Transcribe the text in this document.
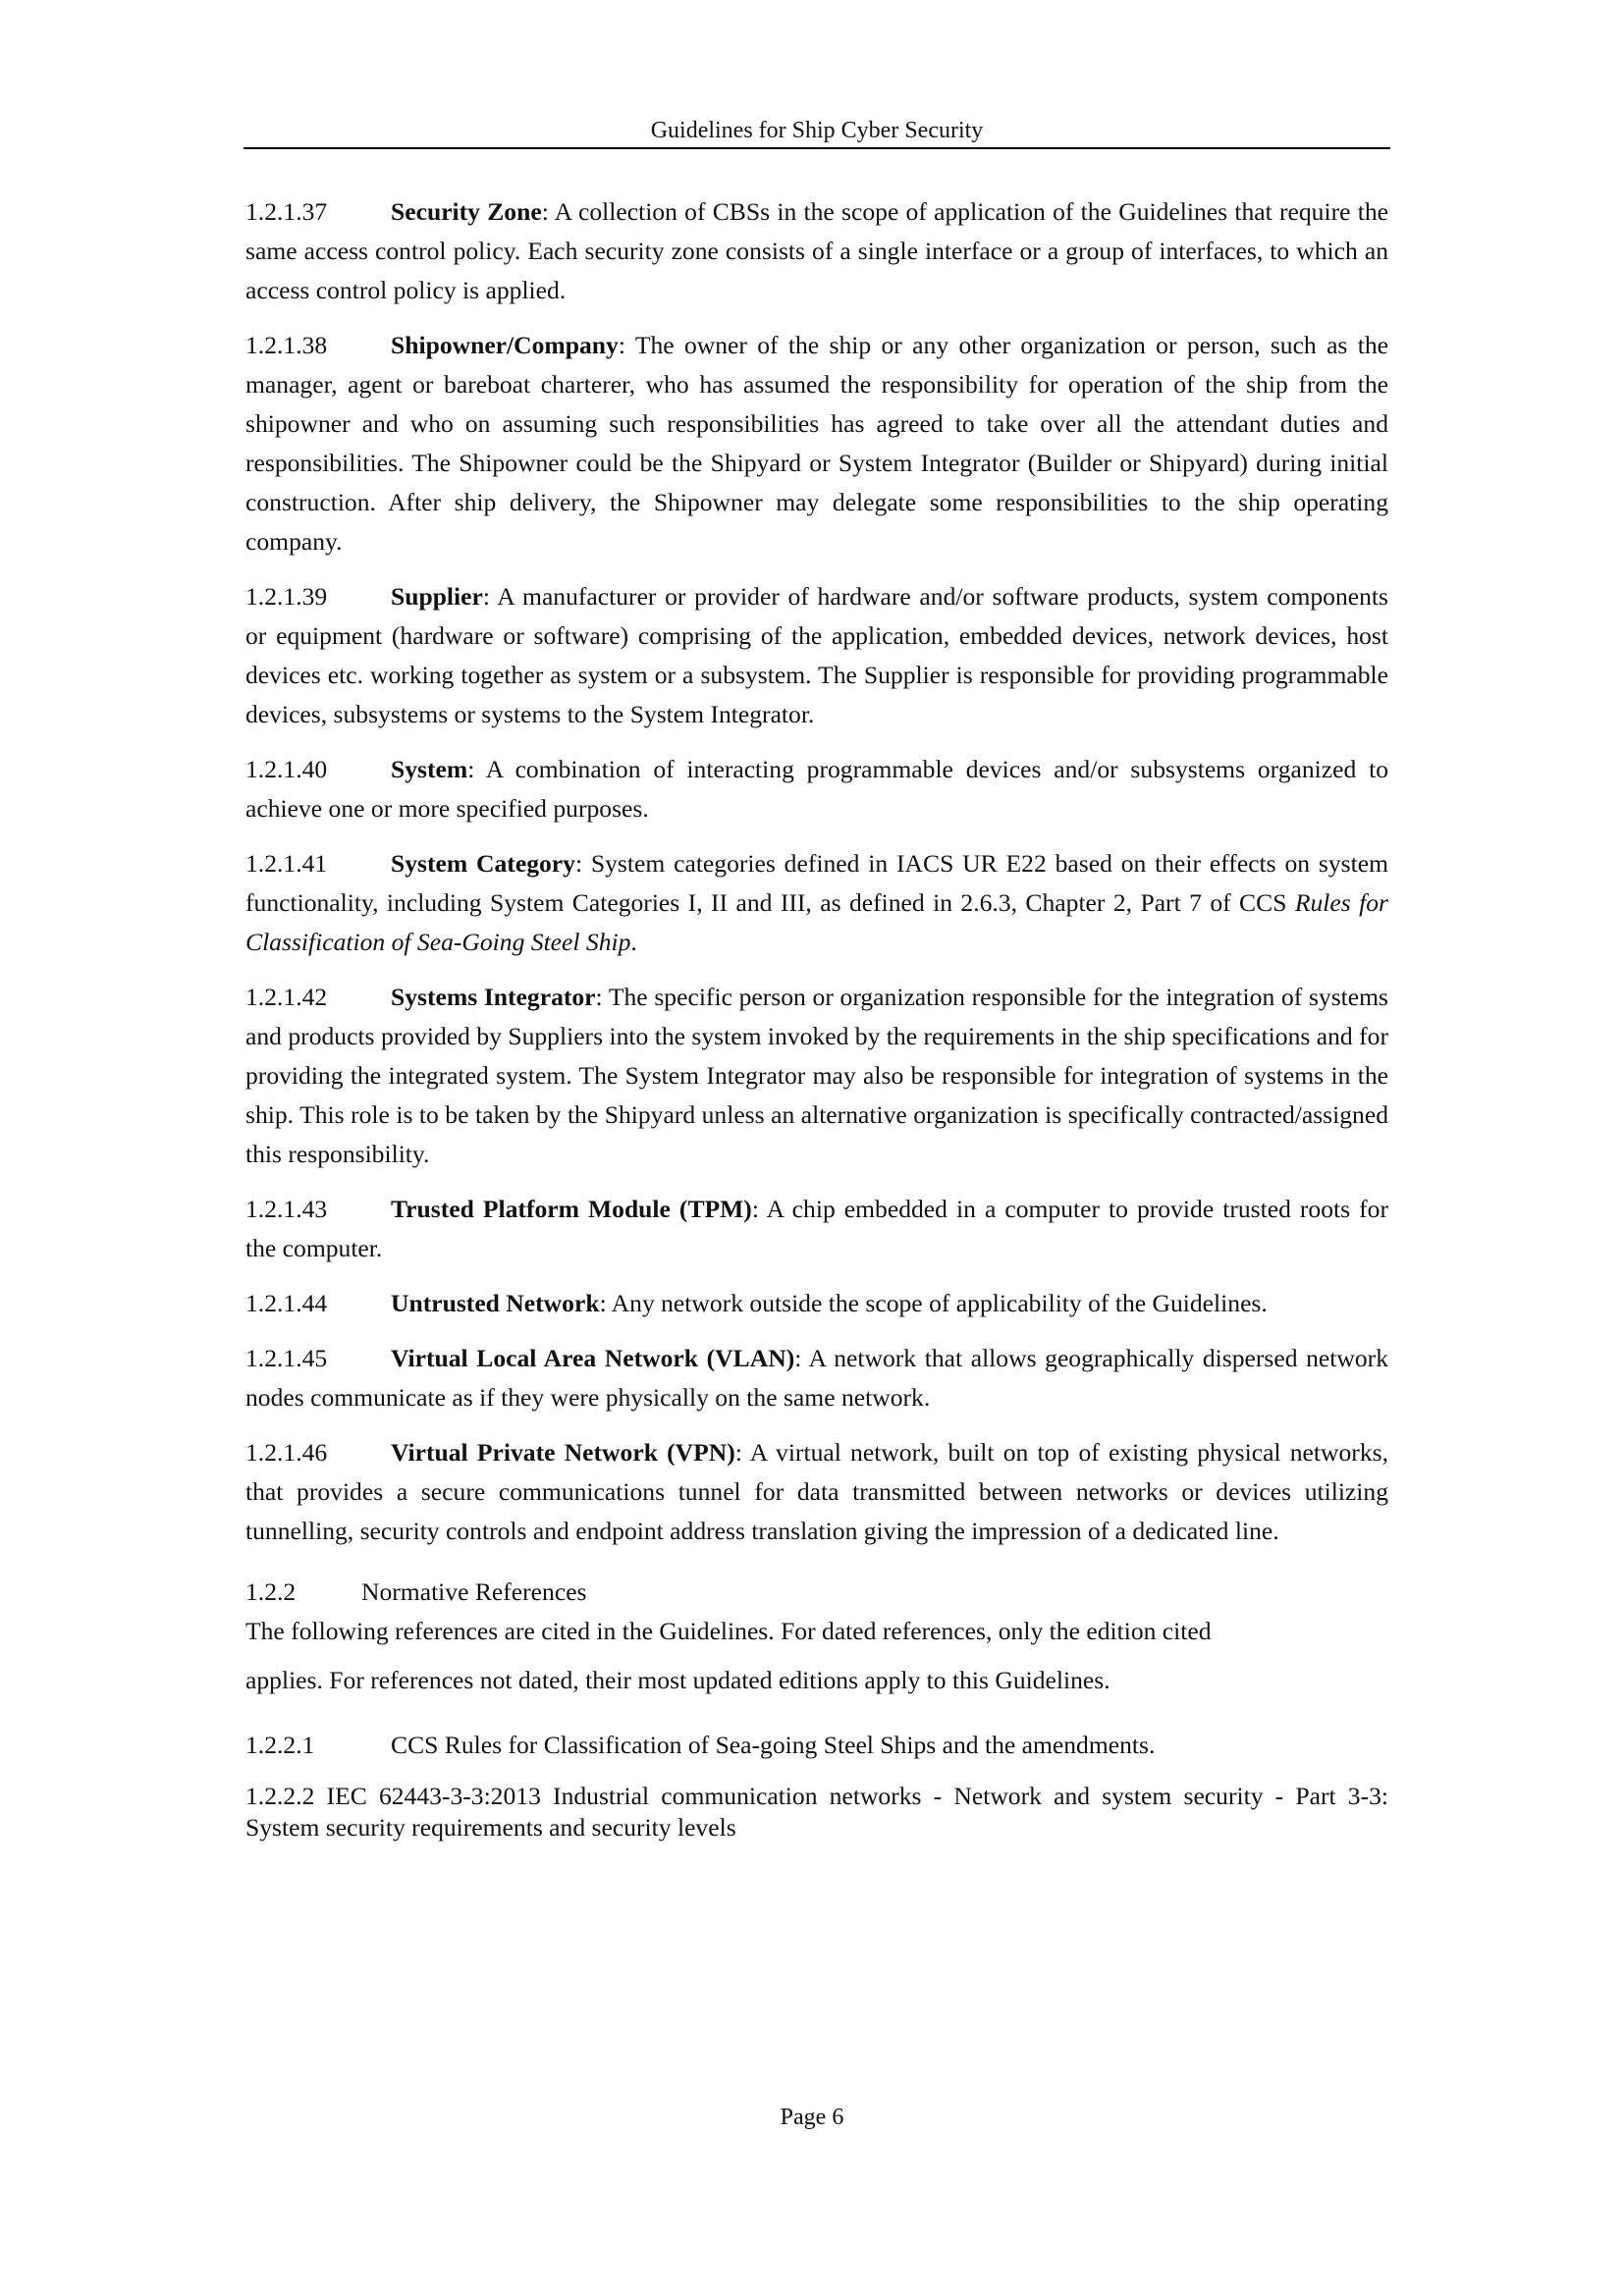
Guidelines for Ship Cyber Security

1.2.1.37	Security Zone: A collection of CBSs in the scope of application of the Guidelines that require the same access control policy. Each security zone consists of a single interface or a group of interfaces, to which an access control policy is applied.

1.2.1.38	Shipowner/Company: The owner of the ship or any other organization or person, such as the manager, agent or bareboat charterer, who has assumed the responsibility for operation of the ship from the shipowner and who on assuming such responsibilities has agreed to take over all the attendant duties and responsibilities. The Shipowner could be the Shipyard or System Integrator (Builder or Shipyard) during initial construction. After ship delivery, the Shipowner may delegate some responsibilities to the ship operating company.

1.2.1.39	Supplier: A manufacturer or provider of hardware and/or software products, system components or equipment (hardware or software) comprising of the application, embedded devices, network devices, host devices etc. working together as system or a subsystem. The Supplier is responsible for providing programmable devices, subsystems or systems to the System Integrator.

1.2.1.40	System: A combination of interacting programmable devices and/or subsystems organized to achieve one or more specified purposes.

1.2.1.41	System Category: System categories defined in IACS UR E22 based on their effects on system functionality, including System Categories I, II and III, as defined in 2.6.3, Chapter 2, Part 7 of CCS Rules for Classification of Sea-Going Steel Ship.

1.2.1.42	Systems Integrator: The specific person or organization responsible for the integration of systems and products provided by Suppliers into the system invoked by the requirements in the ship specifications and for providing the integrated system. The System Integrator may also be responsible for integration of systems in the ship. This role is to be taken by the Shipyard unless an alternative organization is specifically contracted/assigned this responsibility.

1.2.1.43	Trusted Platform Module (TPM): A chip embedded in a computer to provide trusted roots for the computer.

1.2.1.44	Untrusted Network: Any network outside the scope of applicability of the Guidelines.

1.2.1.45	Virtual Local Area Network (VLAN): A network that allows geographically dispersed network nodes communicate as if they were physically on the same network.

1.2.1.46	Virtual Private Network (VPN): A virtual network, built on top of existing physical networks, that provides a secure communications tunnel for data transmitted between networks or devices utilizing tunnelling, security controls and endpoint address translation giving the impression of a dedicated line.

1.2.2	Normative References

The following references are cited in the Guidelines. For dated references, only the edition cited
applies. For references not dated, their most updated editions apply to this Guidelines.

1.2.2.1	CCS Rules for Classification of Sea-going Steel Ships and the amendments.

1.2.2.2 IEC 62443-3-3:2013 Industrial communication networks - Network and system security - Part 3-3: System security requirements and security levels

Page 6
